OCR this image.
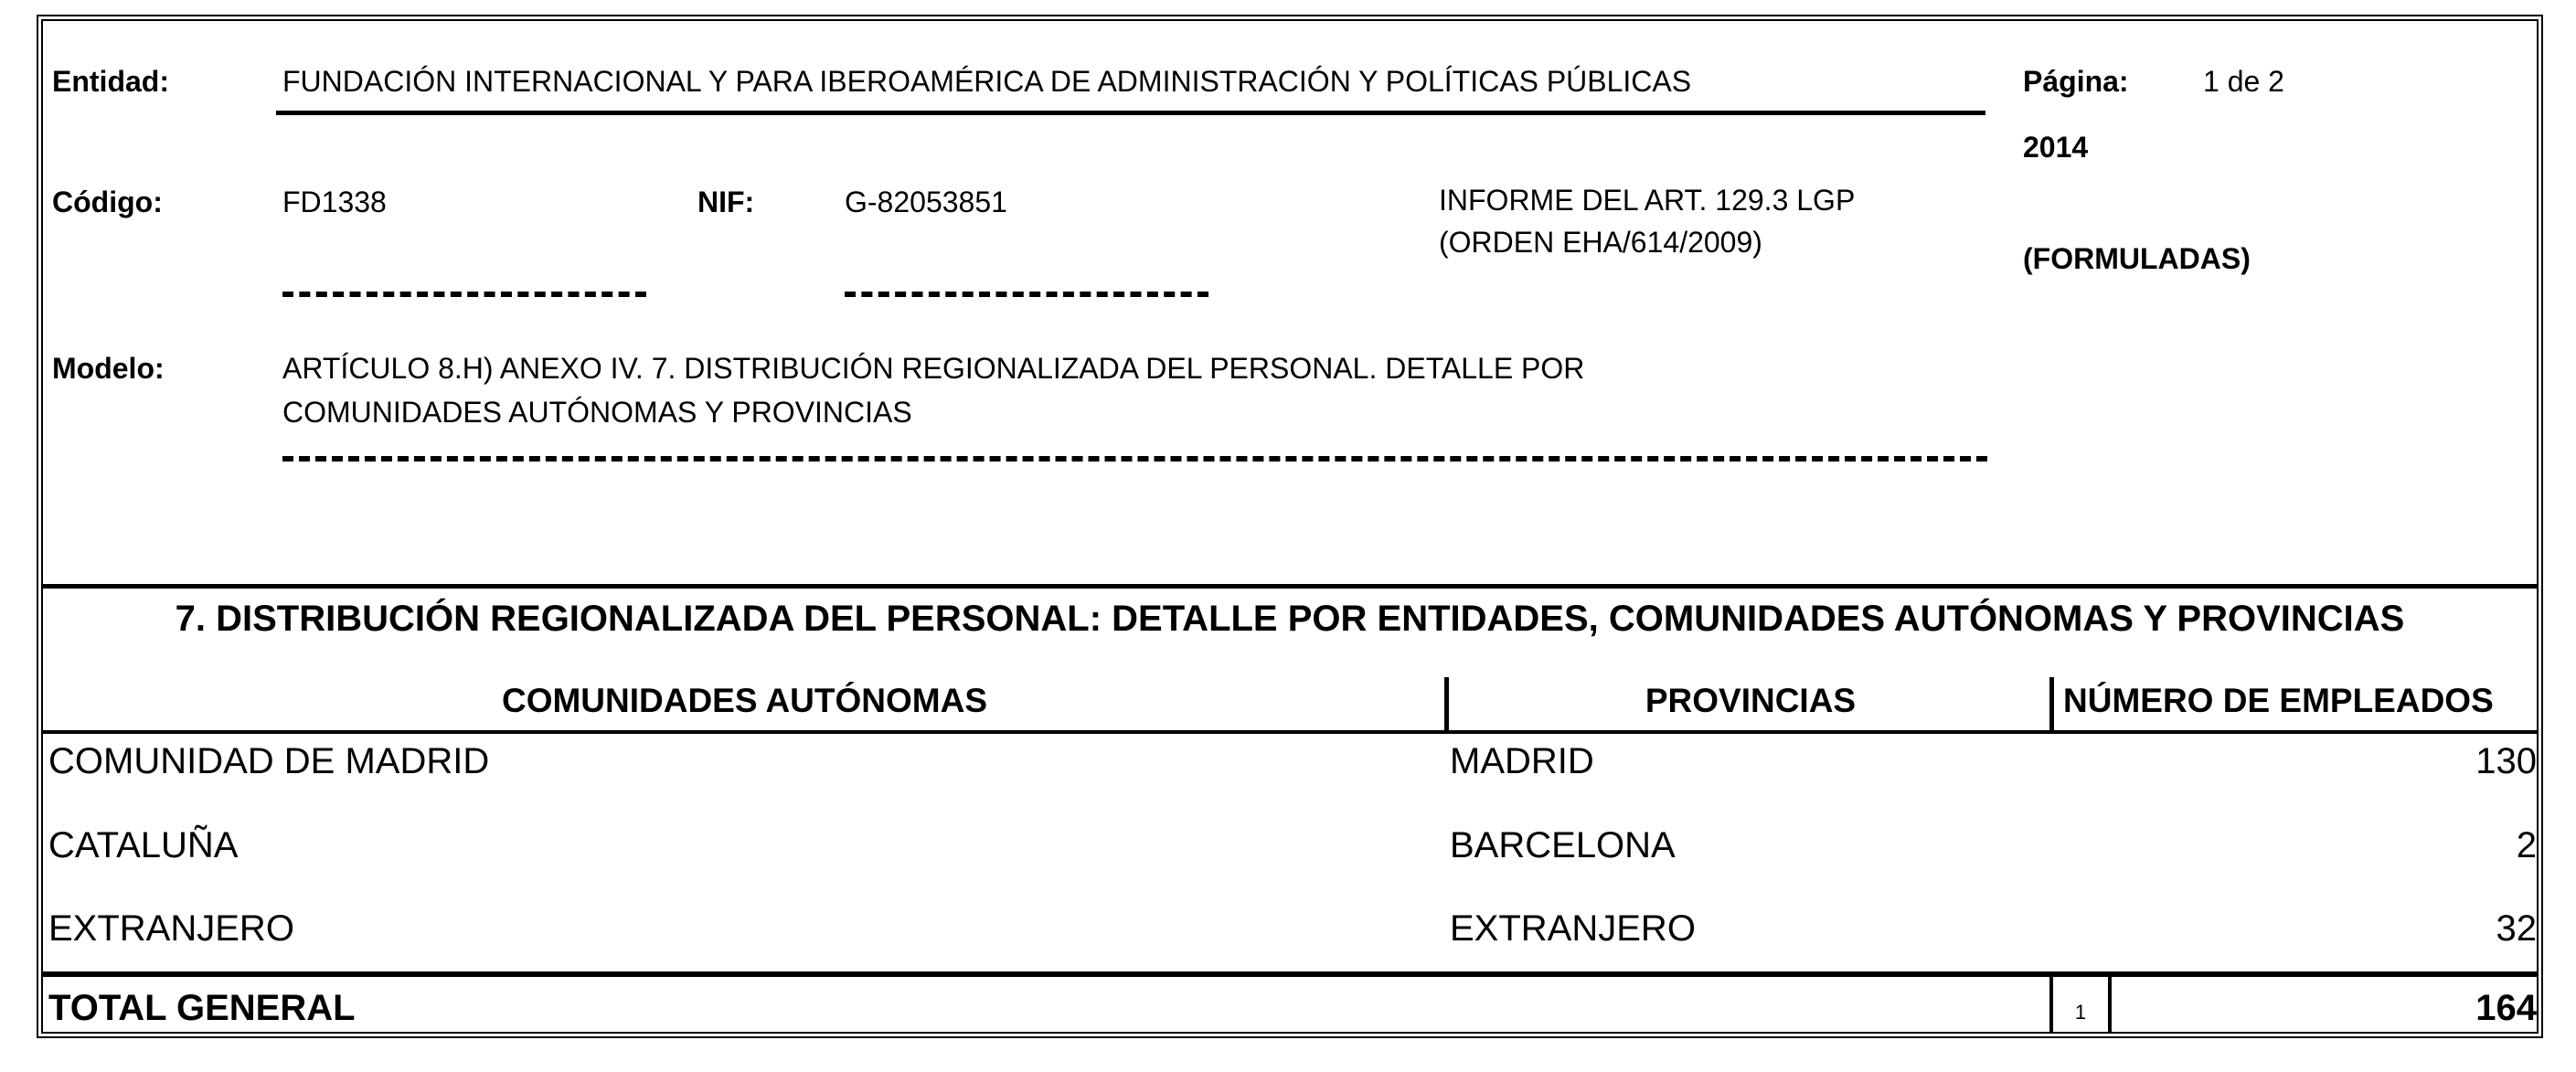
Entidad:	FUNDACIÓN INTERNACIONAL Y PARA IBEROAMÉRICA DE ADMINISTRACIÓN Y POLÍTICAS PÚBLICAS	Página:	1 de 2
2014
Código:	FD1338	NIF:	G-82053851	INFORME DEL ART. 129.3 LGP
(ORDEN EHA/614/2009)	(FORMULADAS)
Modelo:	ARTÍCULO 8.H) ANEXO IV. 7. DISTRIBUCIÓN REGIONALIZADA DEL PERSONAL. DETALLE POR
COMUNIDADES AUTÓNOMAS Y PROVINCIAS
7. DISTRIBUCIÓN REGIONALIZADA DEL PERSONAL: DETALLE POR ENTIDADES, COMUNIDADES AUTÓNOMAS Y PROVINCIAS
COMUNIDADES AUTÓNOMAS	PROVINCIAS	NÚMERO DE EMPLEADOS
COMUNIDAD DE MADRID	MADRID	130
CATALUÑA	BARCELONA	2
EXTRANJERO	EXTRANJERO	32
TOTAL GENERAL	1	164
